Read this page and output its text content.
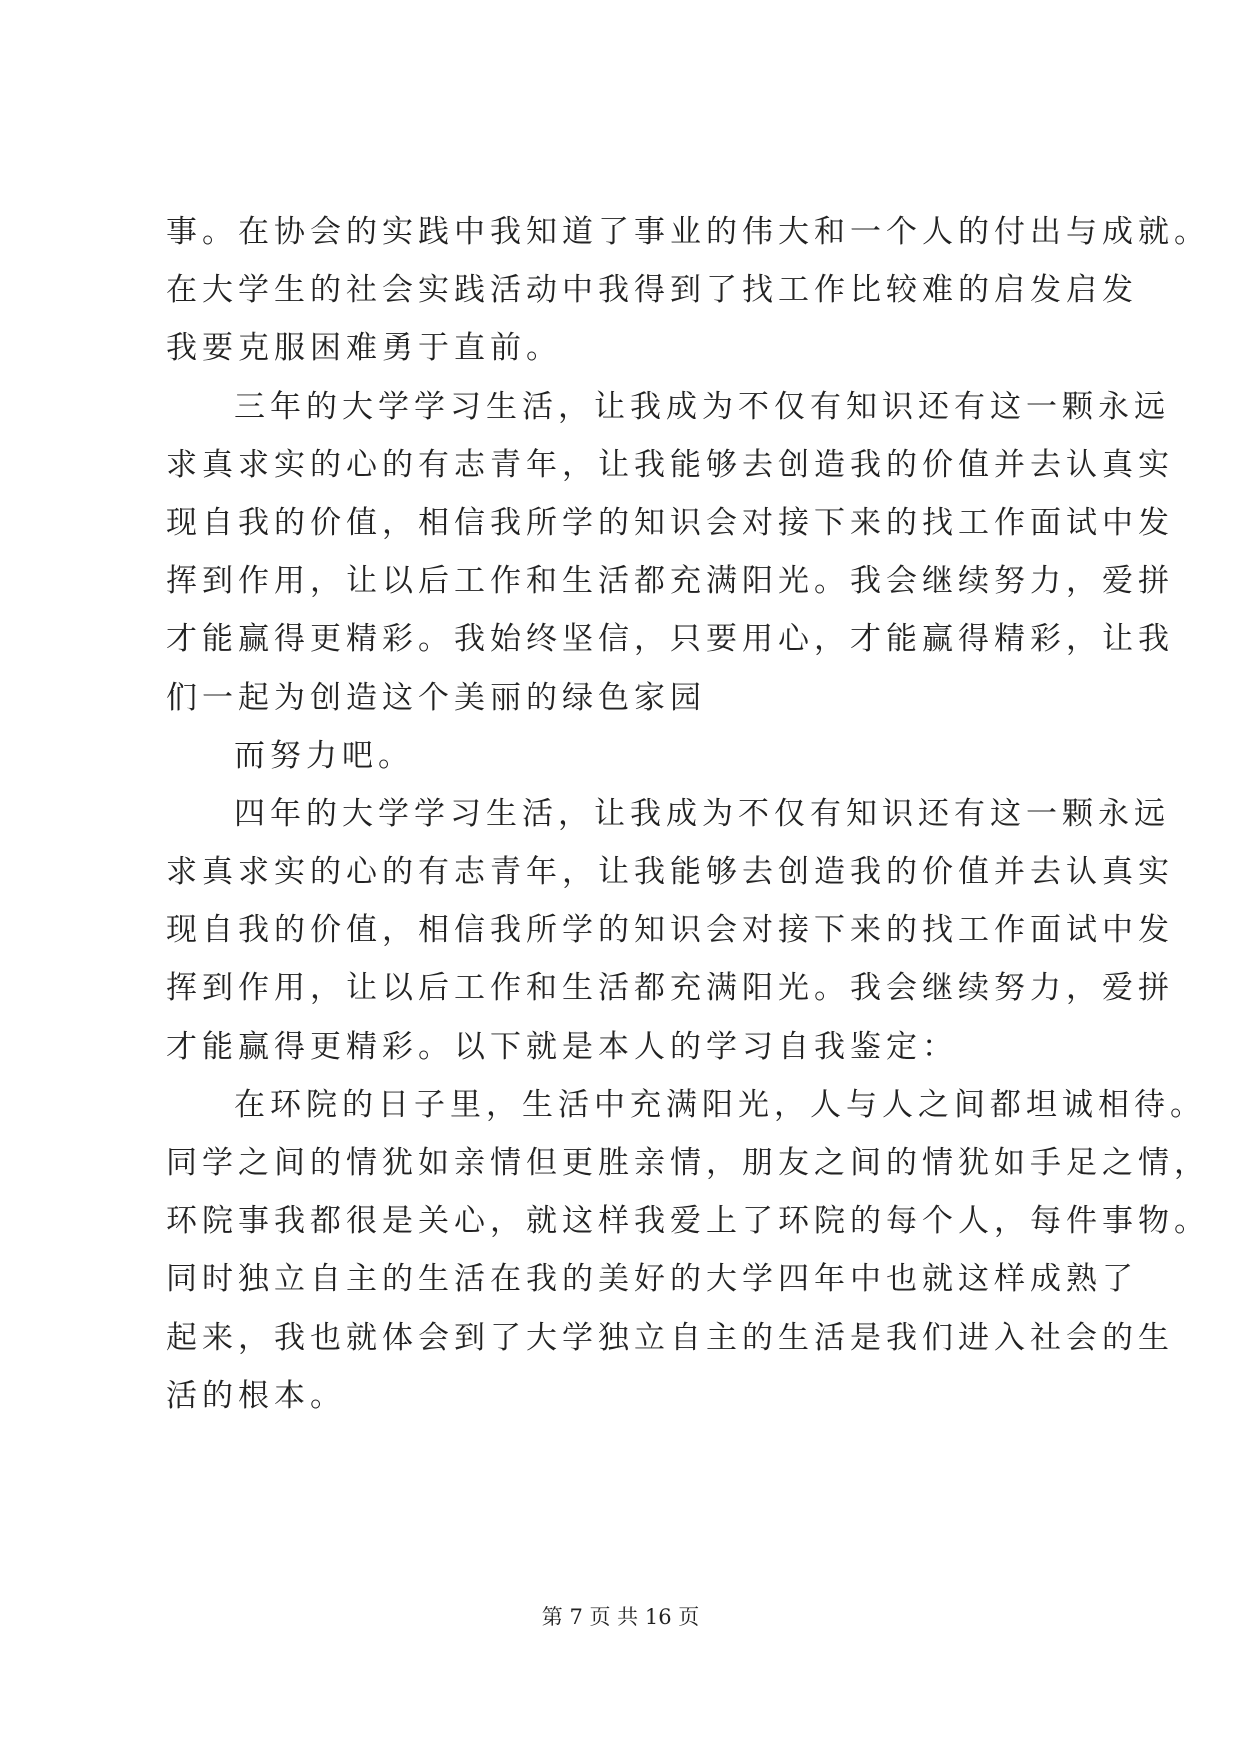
事。在协会的实践中我知道了事业的伟大和一个人的付出与成就。
在大学生的社会实践活动中我得到了找工作比较难的启发启发
我要克服困难勇于直前。
三年的大学学习生活，让我成为不仅有知识还有这一颗永远
求真求实的心的有志青年，让我能够去创造我的价值并去认真实
现自我的价值，相信我所学的知识会对接下来的找工作面试中发
挥到作用，让以后工作和生活都充满阳光。我会继续努力，爱拼
才能赢得更精彩。我始终坚信，只要用心，才能赢得精彩，让我
们一起为创造这个美丽的绿色家园
而努力吧。
四年的大学学习生活，让我成为不仅有知识还有这一颗永远
求真求实的心的有志青年，让我能够去创造我的价值并去认真实
现自我的价值，相信我所学的知识会对接下来的找工作面试中发
挥到作用，让以后工作和生活都充满阳光。我会继续努力，爱拼
才能赢得更精彩。以下就是本人的学习自我鉴定：
在环院的日子里，生活中充满阳光，人与人之间都坦诚相待。
同学之间的情犹如亲情但更胜亲情，朋友之间的情犹如手足之情，
环院事我都很是关心，就这样我爱上了环院的每个人，每件事物。
同时独立自主的生活在我的美好的大学四年中也就这样成熟了
起来，我也就体会到了大学独立自主的生活是我们进入社会的生
活的根本。
第 7 页 共 16 页
